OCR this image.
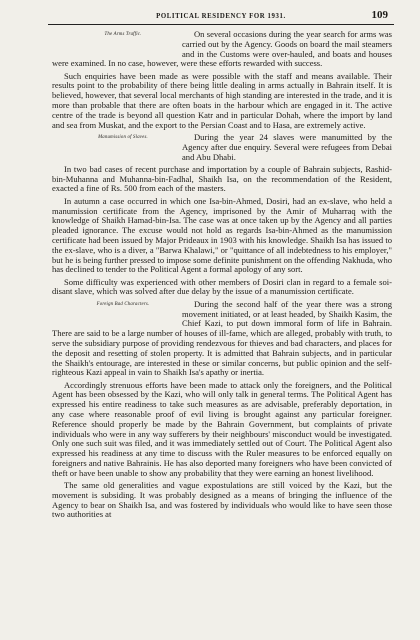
POLITICAL RESIDENCY FOR 1931.	109

The Arms Traffic.	On several occasions during the year search for arms was carried out by the Agency. Goods on board the mail steamers and in the Customs were over-hauled, and boats and houses were examined. In no case, however, were these efforts rewarded with success.

Such enquiries have been made as were possible with the staff and means available. Their results point to the probability of there being little dealing in arms actually in Bahrain itself. It is believed, however, that several local merchants of high standing are interested in the trade, and it is more than probable that there are often boats in the harbour which are engaged in it. The active centre of the trade is beyond all question Katr and in particular Dohah, where the import by land and sea from Muskat, and the export to the Persian Coast and to Hasa, are extremely active.

Manumission of Slaves.	During the year 24 slaves were manumitted by the Agency after due enquiry. Several were refugees from Debai and Abu Dhabi.

In two bad cases of recent purchase and importation by a couple of Bahrain subjects, Rashid-bin-Muhanna and Muhanna-bin-Fadhal, Shaikh Isa, on the recommendation of the Resident, exacted a fine of Rs. 500 from each of the masters.

In autumn a case occurred in which one Isa-bin-Ahmed, Dosiri, had an ex-slave, who held a manumission certificate from the Agency, imprisoned by the Amir of Muharraq with the knowledge of Shaikh Hamad-bin-Isa. The case was at once taken up by the Agency and all parties pleaded ignorance. The excuse would not hold as regards Isa-bin-Ahmed as the manumission certificate had been issued by Major Prideaux in 1903 with his knowledge. Shaikh Isa has issued to the ex-slave, who is a diver, a "Barwa Khalawi," or "quittance of all indebtedness to his employer," but he is being further pressed to impose some definite punishment on the offending Nakhuda, who has declined to tender to the Political Agent a formal apology of any sort.

Some difficulty was experienced with other members of Dosiri clan in regard to a female soi-disant slave, which was solved after due delay by the issue of a manumission certificate.

Foreign Bad Characters.	During the second half of the year there was a strong movement initiated, or at least headed, by Shaikh Kasim, the Chief Kazi, to put down immoral form of life in Bahrain. There are said to be a large number of houses of ill-fame, which are alleged, probably with truth, to serve the subsidiary purpose of providing rendezvous for thieves and bad characters, and places for the deposit and resetting of stolen property. It is admitted that Bahrain subjects, and in particular the Shaikh's entourage, are interested in these or similar concerns, but public opinion and the self-righteous Kazi appeal in vain to Shaikh Isa's apathy or inertia.

Accordingly strenuous efforts have been made to attack only the foreigners, and the Political Agent has been obsessed by the Kazi, who will only talk in general terms. The Political Agent has expressed his entire readiness to take such measures as are advisable, preferably deportation, in any case where reasonable proof of evil living is brought against any particular foreigner. Reference should properly be made by the Bahrain Government, but complaints of private individuals who were in any way sufferers by their neighbours' misconduct would be investigated. Only one such suit was filed, and it was immediately settled out of Court. The Political Agent also expressed his readiness at any time to discuss with the Ruler measures to be enforced equally on foreigners and native Bahrainis. He has also deported many foreigners who have been convicted of theft or have been unable to show any probability that they were earning an honest livelihood.

The same old generalities and vague expostulations are still voiced by the Kazi, but the movement is subsiding. It was probably designed as a means of bringing the influence of the Agency to bear on Shaikh Isa, and was fostered by individuals who would like to have seen those two authorities at
